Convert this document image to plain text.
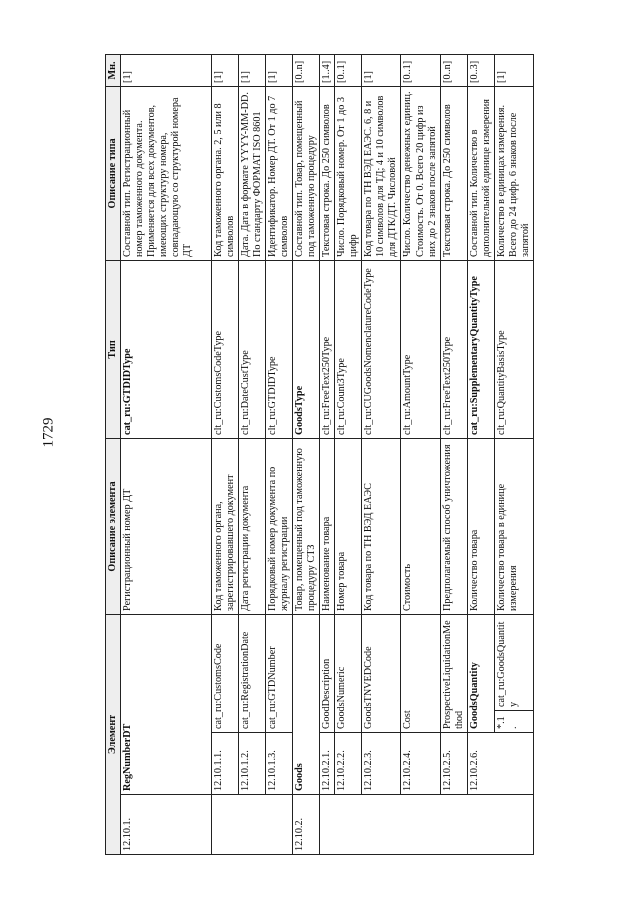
1729
Элемент				Описание элемента	Тип	Описание типа	Мн.
12.10.1.	RegNumberDT			Регистрационный номер ДТ	cat_ru:GTDIDType	Составной тип. Регистрационный номер таможенного документа. Применяется для всех документов, имеющих структуру номера, совпадающую со структурой номера ДТ	[1]
	12.10.1.1.	cat_ru:CustomsCode		Код таможенного органа, зарегистрировавшего документ	clt_ru:CustomsCodeType	Код таможенного органа. 2, 5 или 8 символов	[1]
	12.10.1.2.	cat_ru:RegistrationDate		Дата регистрации документа	clt_ru:DateCustType	Дата. Дата в формате YYYY-MM-DD. По стандарту ФОРМАТ ISO 8601	[1]
	12.10.1.3.	cat_ru:GTDNumber		Порядковый номер документа по журналу регистрации	clt_ru:GTDIDType	Идентификатор. Номер ДТ. От 1 до 7 символов	[1]
12.10.2.	Goods			Товар, помещенный под таможенную процедуру СТЗ	GoodsType	Составной тип. Товар, помещенный под таможенную процедуру	[0..n]
	12.10.2.1.	GoodDescription		Наименование товара	clt_ru:FreeText250Type	Текстовая строка. До 250 символов	[1..4]
	12.10.2.2.	GoodsNumeric		Номер товара	clt_ru:Count3Type	Число. Порядковый номер. От 1 до 3 цифр	[0..1]
	12.10.2.3.	GoodsTNVEDCode		Код товара по ТН ВЭД ЕАЭС	clt_ru:CUGoodsNomenclatureCodeType	Код товара по ТН ВЭД ЕАЭС. 6, 8 и 10 символов для ТД; 4 и 10 символов для ДТК/ДТ. Числовой	[1]
	12.10.2.4.	Cost		Стоимость	clt_ru:AmountType	Число. Количество денежных единиц. Стоимость. От 0. Всего 20 цифр из них до 2 знаков после запятой	[0..1]
	12.10.2.5.	ProspectiveLiquidationMethod		Предполагаемый способ уничтожения	clt_ru:FreeText250Type	Текстовая строка. До 250 символов	[0..n]
	12.10.2.6.	GoodsQuantity		Количество товара	cat_ru:SupplementaryQuantityType	Составной тип. Количество в дополнительной единице измерения	[0..3]
		*.1.	cat_ru:GoodsQuantity	Количество товара в единице измерения	clt_ru:QuantityBasisType	Количество в единицах измерения. Всего до 24 цифр. 6 знаков после запятой	[1]
